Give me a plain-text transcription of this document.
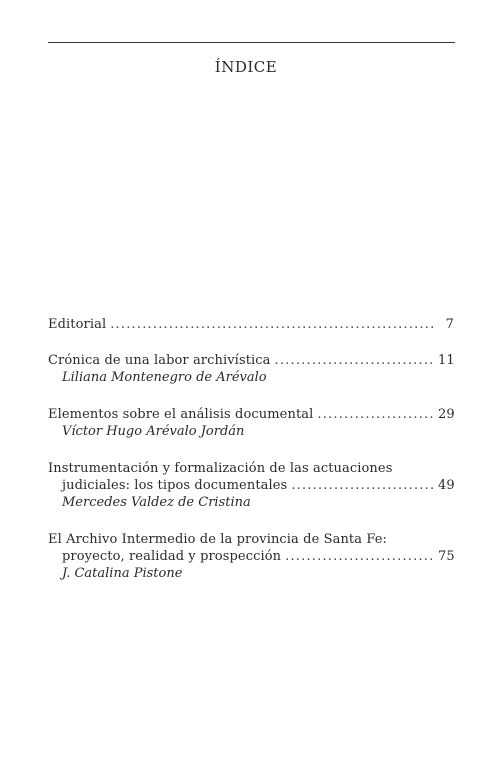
ÍNDICE
Editorial .....	7
Crónica de una labor archivística .....	11
Liliana Montenegro de Arévalo
Elementos sobre el análisis documental .....	29
Víctor Hugo Arévalo Jordán
Instrumentación y formalización de las actuaciones
judiciales: los tipos documentales .....	49
Mercedes Valdez de Cristina
El Archivo Intermedio de la provincia de Santa Fe:
proyecto, realidad y prospección .....	75
J. Catalina Pistone
